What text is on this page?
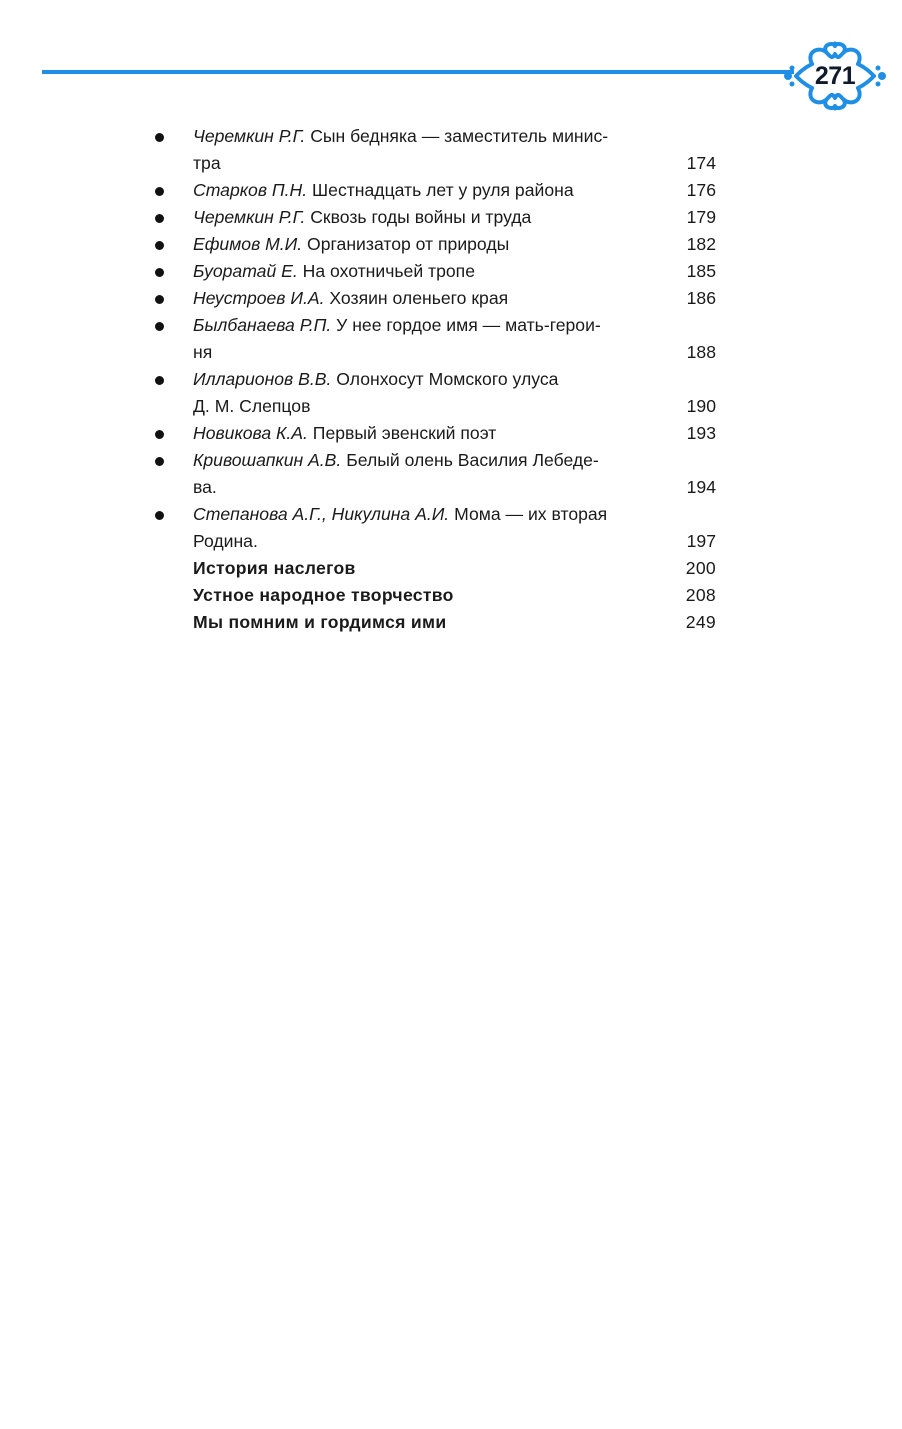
271
Черемкин Р.Г. Сын бедняка — заместитель минис-
тра	174
Старков П.Н. Шестнадцать лет у руля района	176
Черемкин Р.Г. Сквозь годы войны и труда	179
Ефимов М.И. Организатор от природы	182
Буоратай Е. На охотничьей тропе	185
Неустроев И.А. Хозяин оленьего края	186
Былбанаева Р.П. У нее гордое имя — мать-герои-
ня	188
Илларионов В.В. Олонхосут Момского улуса
Д. М. Слепцов	190
Новикова К.А. Первый эвенский поэт	193
Кривошапкин А.В. Белый олень Василия Лебеде-
ва.	194
Степанова А.Г., Никулина А.И. Мома — их вторая
Родина.	197
История наслегов	200
Устное народное творчество	208
Мы помним и гордимся ими	249
